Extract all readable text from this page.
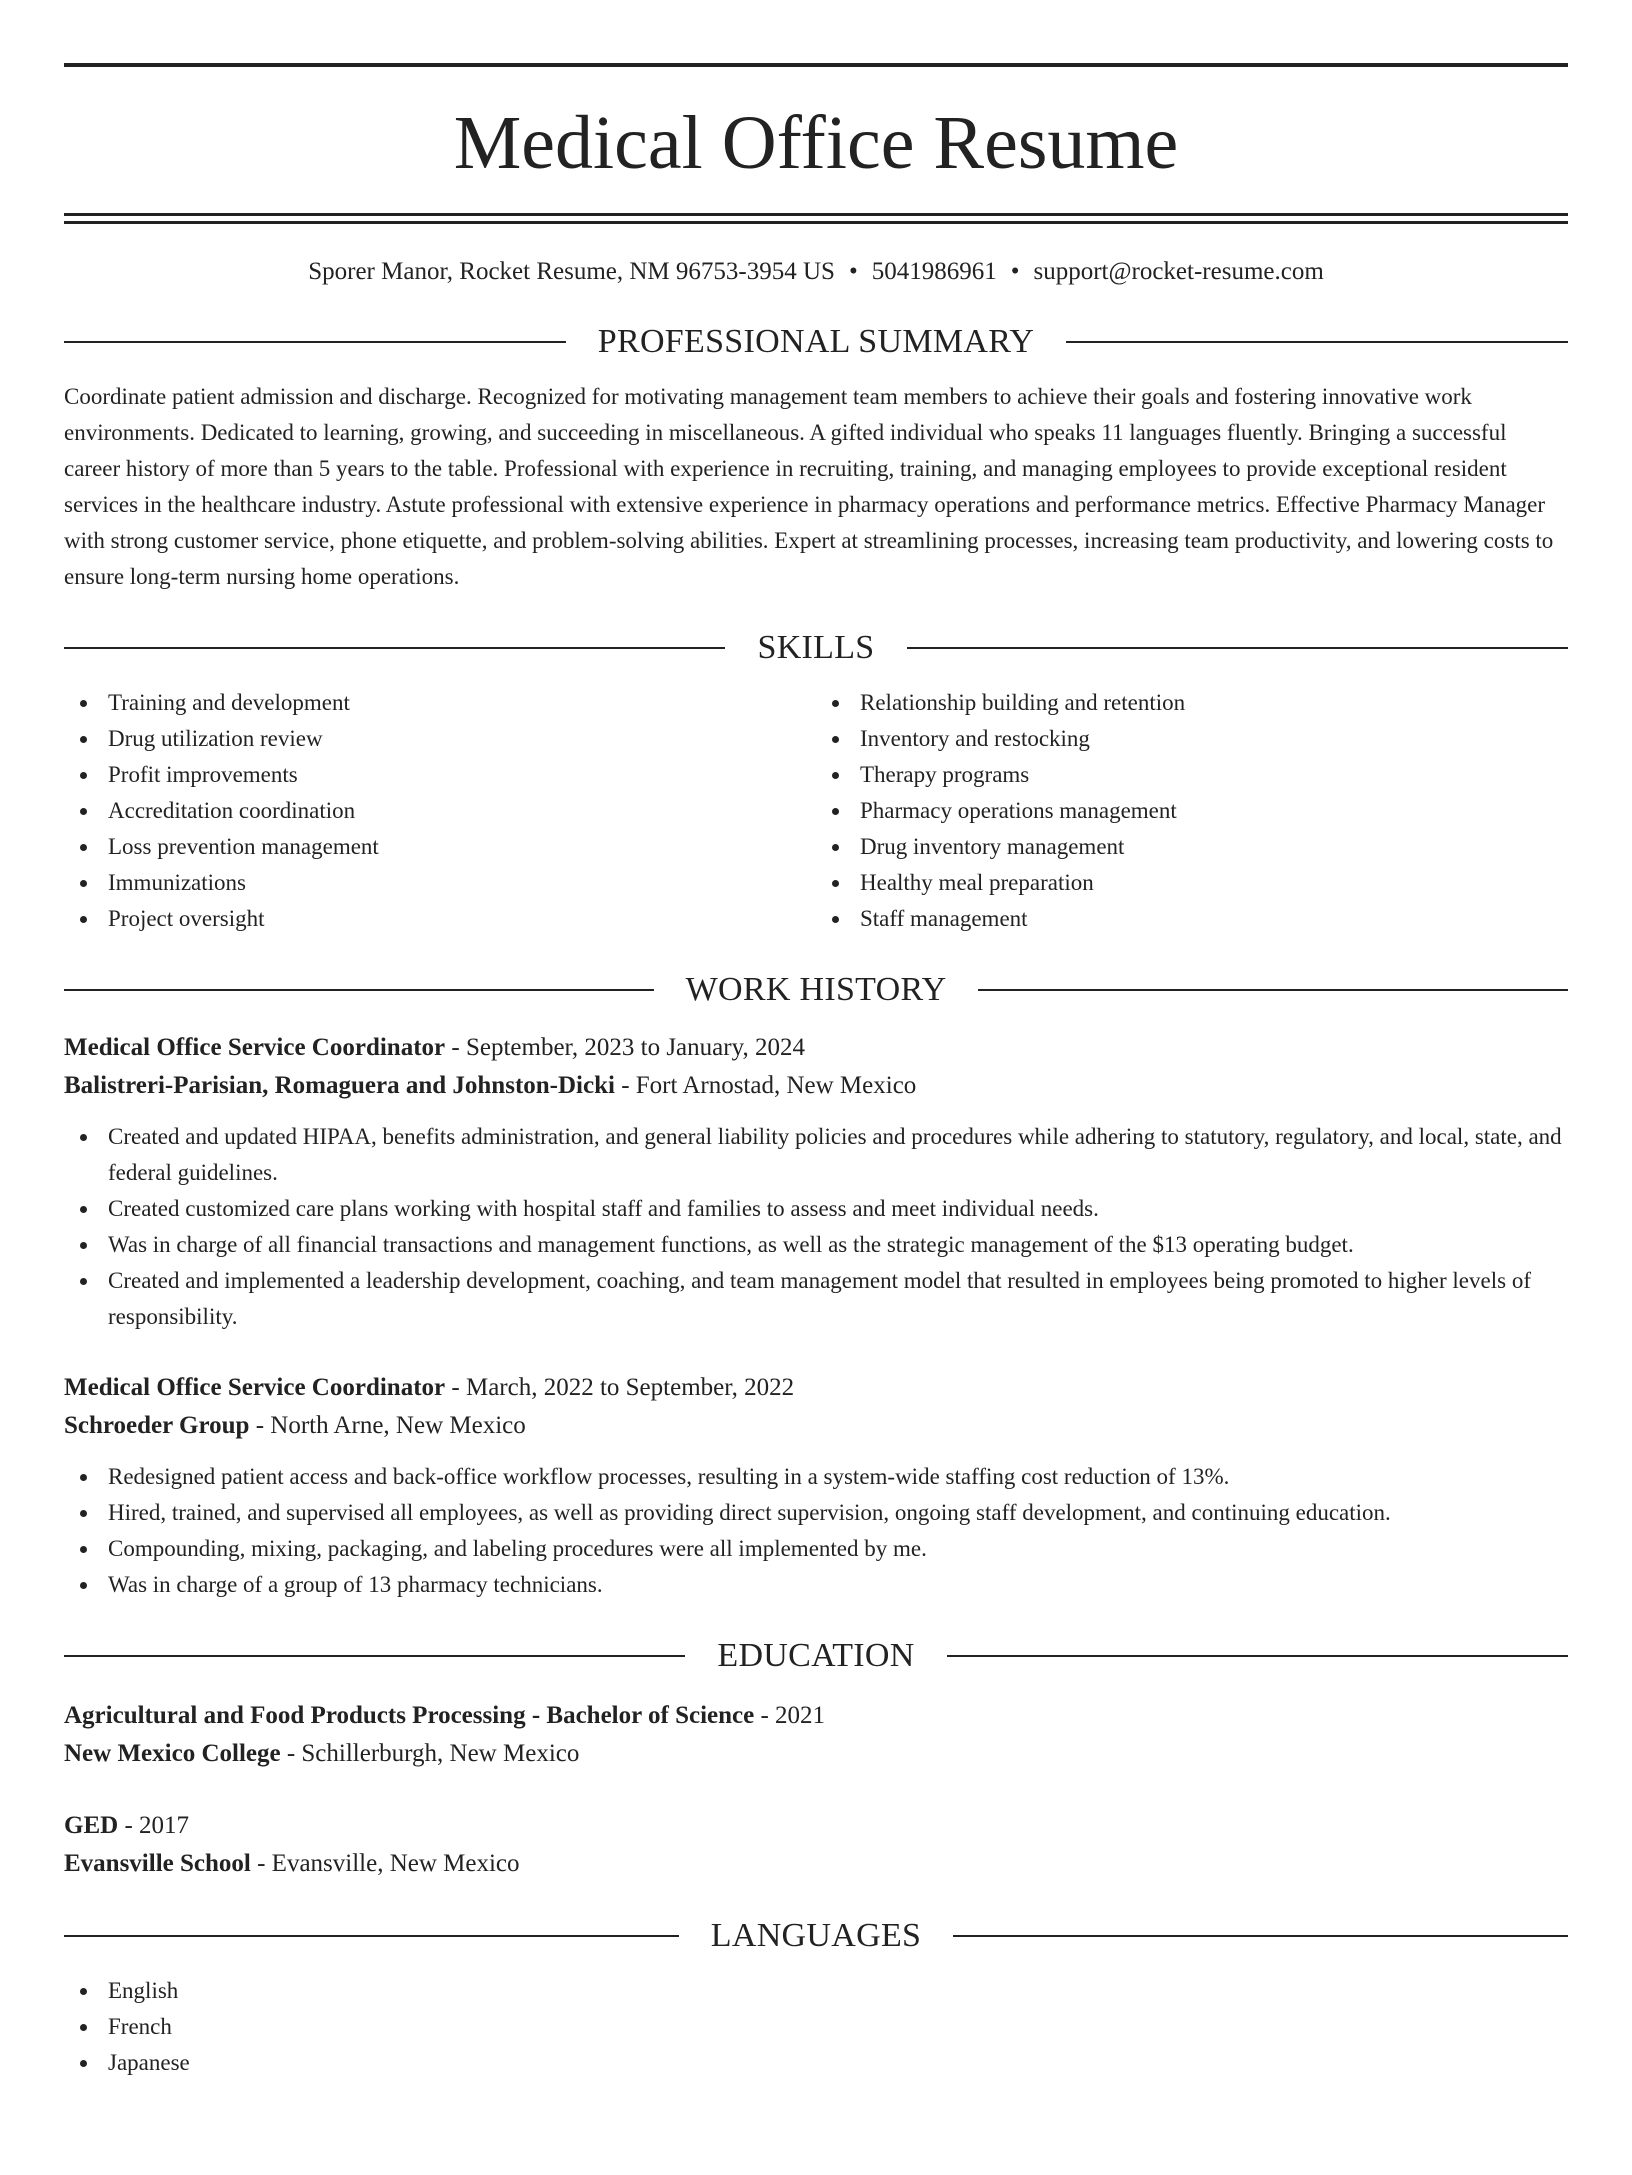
Medical Office Resume
Sporer Manor, Rocket Resume, NM 96753-3954 US • 5041986961 • support@rocket-resume.com
PROFESSIONAL SUMMARY

Coordinate patient admission and discharge. Recognized for motivating management team members to achieve their goals and fostering innovative work environments. Dedicated to learning, growing, and succeeding in miscellaneous. A gifted individual who speaks 11 languages fluently. Bringing a successful career history of more than 5 years to the table. Professional with experience in recruiting, training, and managing employees to provide exceptional resident services in the healthcare industry. Astute professional with extensive experience in pharmacy operations and performance metrics. Effective Pharmacy Manager with strong customer service, phone etiquette, and problem-solving abilities. Expert at streamlining processes, increasing team productivity, and lowering costs to ensure long-term nursing home operations.

SKILLS
Training and development
Drug utilization review
Profit improvements
Accreditation coordination
Loss prevention management
Immunizations
Project oversight
Relationship building and retention
Inventory and restocking
Therapy programs
Pharmacy operations management
Drug inventory management
Healthy meal preparation
Staff management
WORK HISTORY
Medical Office Service Coordinator - September, 2023 to January, 2024
Balistreri-Parisian, Romaguera and Johnston-Dicki - Fort Arnostad, New Mexico
Created and updated HIPAA, benefits administration, and general liability policies and procedures while adhering to statutory, regulatory, and local, state, and federal guidelines.
Created customized care plans working with hospital staff and families to assess and meet individual needs.
Was in charge of all financial transactions and management functions, as well as the strategic management of the $13 operating budget.
Created and implemented a leadership development, coaching, and team management model that resulted in employees being promoted to higher levels of responsibility.
Medical Office Service Coordinator - March, 2022 to September, 2022
Schroeder Group - North Arne, New Mexico
Redesigned patient access and back-office workflow processes, resulting in a system-wide staffing cost reduction of 13%.
Hired, trained, and supervised all employees, as well as providing direct supervision, ongoing staff development, and continuing education.
Compounding, mixing, packaging, and labeling procedures were all implemented by me.
Was in charge of a group of 13 pharmacy technicians.
EDUCATION
Agricultural and Food Products Processing - Bachelor of Science - 2021
New Mexico College - Schillerburgh, New Mexico
GED - 2017
Evansville School - Evansville, New Mexico
LANGUAGES
English
French
Japanese
